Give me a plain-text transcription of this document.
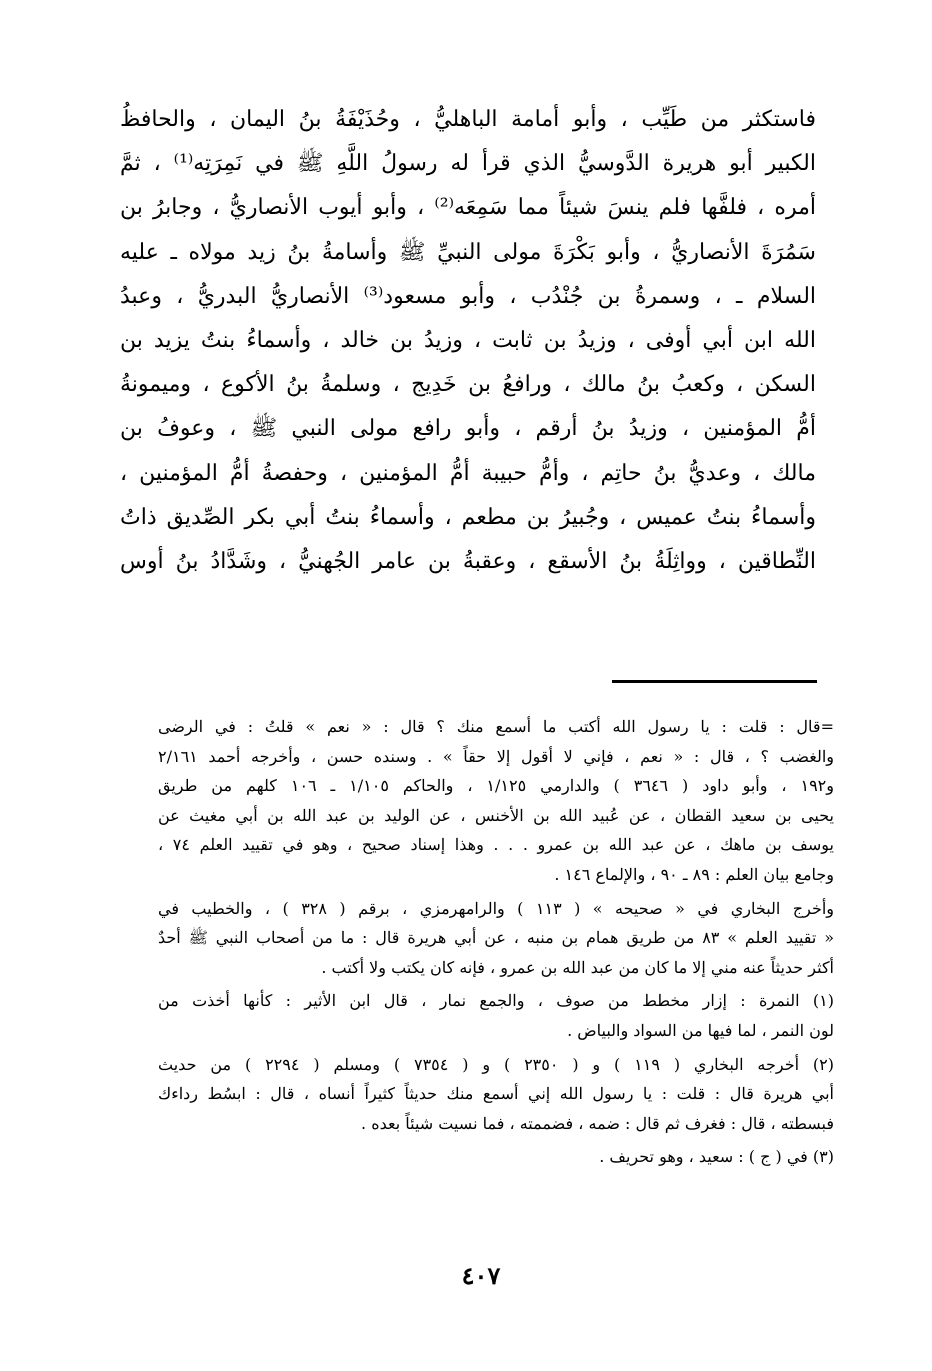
فاستكثر من طَيِّب ، وأبو أمامة الباهليُّ ، وحُذَيْفَةُ بنُ اليمان ، والحافظُ
الكبير أبو هريرة الدَّوسيُّ الذي قرأ له رسولُ اللَّهِ ﷺ في نَمِرَتِه⁽¹⁾ ، ثمَّ
أمره ، فلفَّها فلم ينسَ شيئاً مما سَمِعَه⁽²⁾ ، وأبو أيوب الأنصاريُّ ، وجابرُ بن
سَمُرَةَ الأنصاريُّ ، وأبو بَكْرَةَ مولى النبيِّ ﷺ وأسامةُ بنُ زيد مولاه ـ عليه
السلام ـ ، وسمرةُ بن جُنْدُب ، وأبو مسعود⁽³⁾ الأنصاريُّ البدريُّ ، وعبدُ
الله ابن أبي أوفى ، وزيدُ بن ثابت ، وزيدُ بن خالد ، وأسماءُ بنتُ يزيد بن
السكن ، وكعبُ بنُ مالك ، ورافعُ بن خَدِيج ، وسلمةُ بنُ الأكوع ، وميمونةُ
أمُّ المؤمنين ، وزيدُ بنُ أرقم ، وأبو رافع مولى النبي ﷺ ، وعوفُ بن
مالك ، وعديُّ بنُ حاتِم ، وأمُّ حبيبة أمُّ المؤمنين ، وحفصةُ أمُّ المؤمنين ،
وأسماءُ بنتُ عميس ، وجُبيرُ بن مطعم ، وأسماءُ بنتُ أبي بكر الصِّديق ذاتُ
النِّطاقين ، وواثِلَةُ بنُ الأسقع ، وعقبةُ بن عامر الجُهنيُّ ، وشَدَّادُ بنُ أوس
=قال : قلت : يا رسول الله أكتب ما أسمع منك ؟ قال : « نعم » قلتُ : في الرضى
والغضب ؟ ، قال : « نعم ، فإني لا أقول إلا حقاً » . وسنده حسن ، وأخرجه أحمد ٢/١٦١
و١٩٢ ، وأبو داود ( ٣٦٤٦ ) والدارمي ١/١٢٥ ، والحاكم ١/١٠٥ ـ ١٠٦ كلهم من طريق
يحيى بن سعيد القطان ، عن عُبيد الله بن الأخنس ، عن الوليد بن عبد الله بن أبي مغيث عن
يوسف بن ماهك ، عن عبد الله بن عمرو . . . وهذا إسناد صحيح ، وهو في تقييد العلم ٧٤ ،
وجامع بيان العلم : ٨٩ ـ ٩٠ ، والإلماع ١٤٦ .
وأخرج البخاري في « صحيحه » ( ١١٣ ) والرامهرمزي ، برقم ( ٣٢٨ ) ، والخطيب في
« تقييد العلم » ٨٣ من طريق همام بن منبه ، عن أبي هريرة قال : ما من أصحاب النبي ﷺ أحدٌ
أكثر حديثاً عنه مني إلا ما كان من عبد الله بن عمرو ، فإنه كان يكتب ولا أكتب .
(١) النمرة : إزار مخطط من صوف ، والجمع نمار ، قال ابن الأثير : كأنها أخذت من
لون النمر ، لما فيها من السواد والبياض .
(٢) أخرجه البخاري ( ١١٩ ) و ( ٢٣٥٠ ) و ( ٧٣٥٤ ) ومسلم ( ٢٢٩٤ ) من حديث
أبي هريرة قال : قلت : يا رسول الله إني أسمع منك حديثاً كثيراً أنساه ، قال : ابسُط رداءك
فبسطته ، قال : فغرف ثم قال : ضمه ، فضممته ، فما نسيت شيئاً بعده .
(٣) في ( ج ) : سعيد ، وهو تحريف .
٤٠٧
